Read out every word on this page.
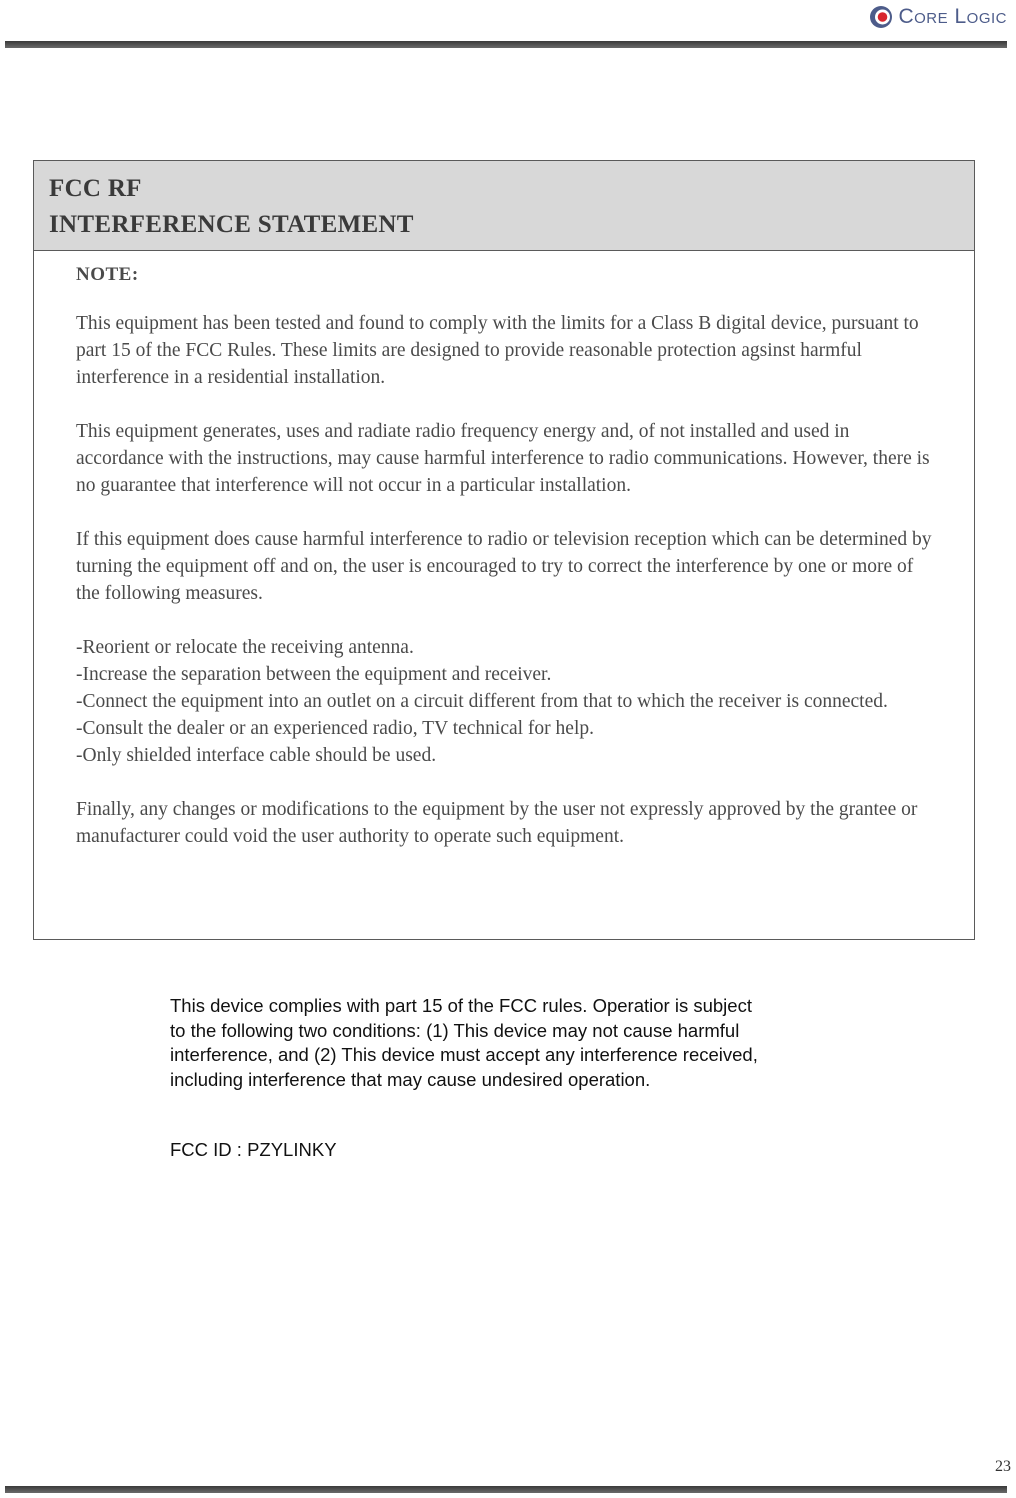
Core Logic
FCC RF
INTERFERENCE STATEMENT

NOTE:

This equipment has been tested and found to comply with the limits for a Class B digital device, pursuant to part 15 of the FCC Rules. These limits are designed to provide reasonable protection agsinst harmful interference in a residential installation.

This equipment generates, uses and radiate radio frequency energy and, of not installed and used in accordance with the instructions, may cause harmful interference to radio communications. However, there is no guarantee that interference will not occur in a particular installation.

If this equipment does cause harmful interference to radio or television reception which can be determined by turning the equipment off and on, the user is encouraged to try to correct the interference by one or more of the following measures.

-Reorient or relocate the receiving antenna.
-Increase the separation between the equipment and receiver.
-Connect the equipment into an outlet on a circuit different from that to which the receiver is connected.
-Consult the dealer or an experienced radio, TV technical for help.
-Only shielded interface cable should be used.

Finally, any changes or modifications to the equipment by the user not expressly approved by the grantee or manufacturer could void the user authority to operate such equipment.

This device complies with part 15 of the FCC rules. Operatior is subject to the following two conditions: (1) This device may not cause harmful interference, and (2) This device must accept any interference received, including interference that may cause undesired operation.

FCC ID : PZYLINKY
23
